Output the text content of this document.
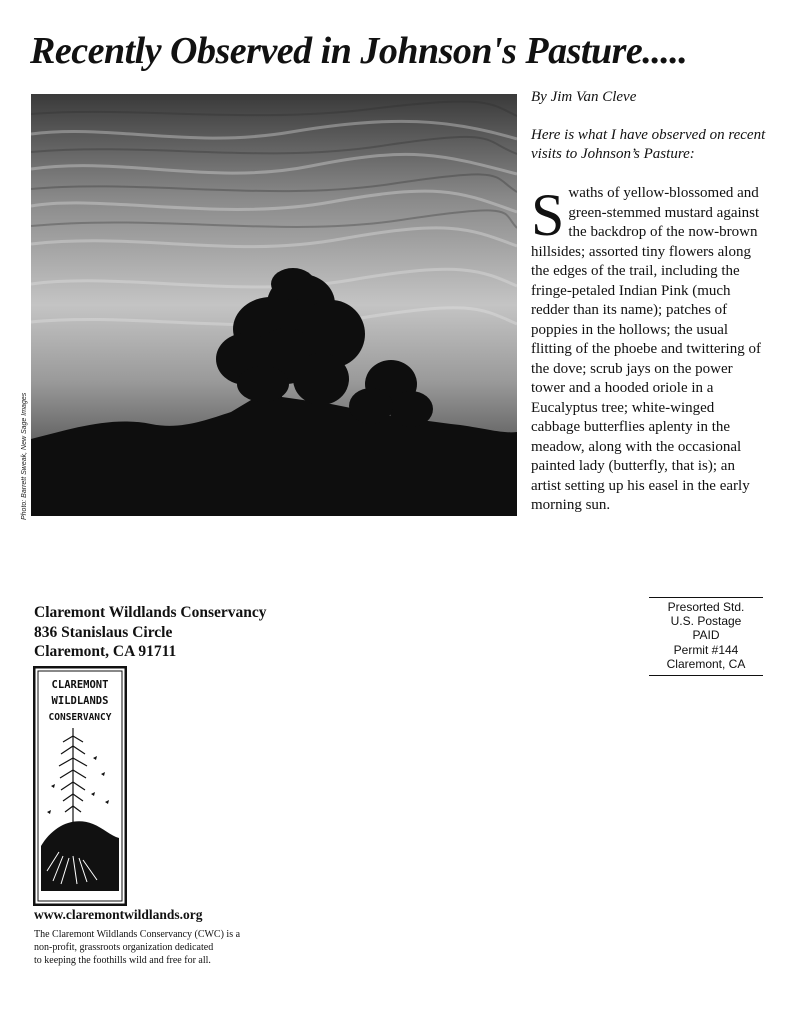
Recently Observed in Johnson's Pasture.....
Photo: Barrett Sweak, New Sage Images
By Jim Van Cleve
Here is what I have observed on recent visits to Johnson’s Pasture:
Swaths of yellow-blossomed and green-stemmed mustard against the backdrop of the now-brown hillsides; assorted tiny flowers along the edges of the trail, including the fringe-petaled Indian Pink (much redder than its name); patches of poppies in the hollows; the usual flitting of the phoebe and twittering of the dove; scrub jays on the power tower and a hooded oriole in a Eucalyptus tree; white-winged cabbage butterflies aplenty in the meadow, along with the occasional painted lady (butterfly, that is); an artist setting up his easel in the early morning sun.
Claremont Wildlands Conservancy
836 Stanislaus Circle
Claremont, CA 91711
CLAREMONT
WILDLANDS
CONSERVANCY
www.claremontwildlands.org
The Claremont Wildlands Conservancy (CWC) is a
non-profit, grassroots organization dedicated
to keeping the foothills wild and free for all.
Presorted Std.
U.S. Postage
PAID
Permit #144
Claremont, CA
